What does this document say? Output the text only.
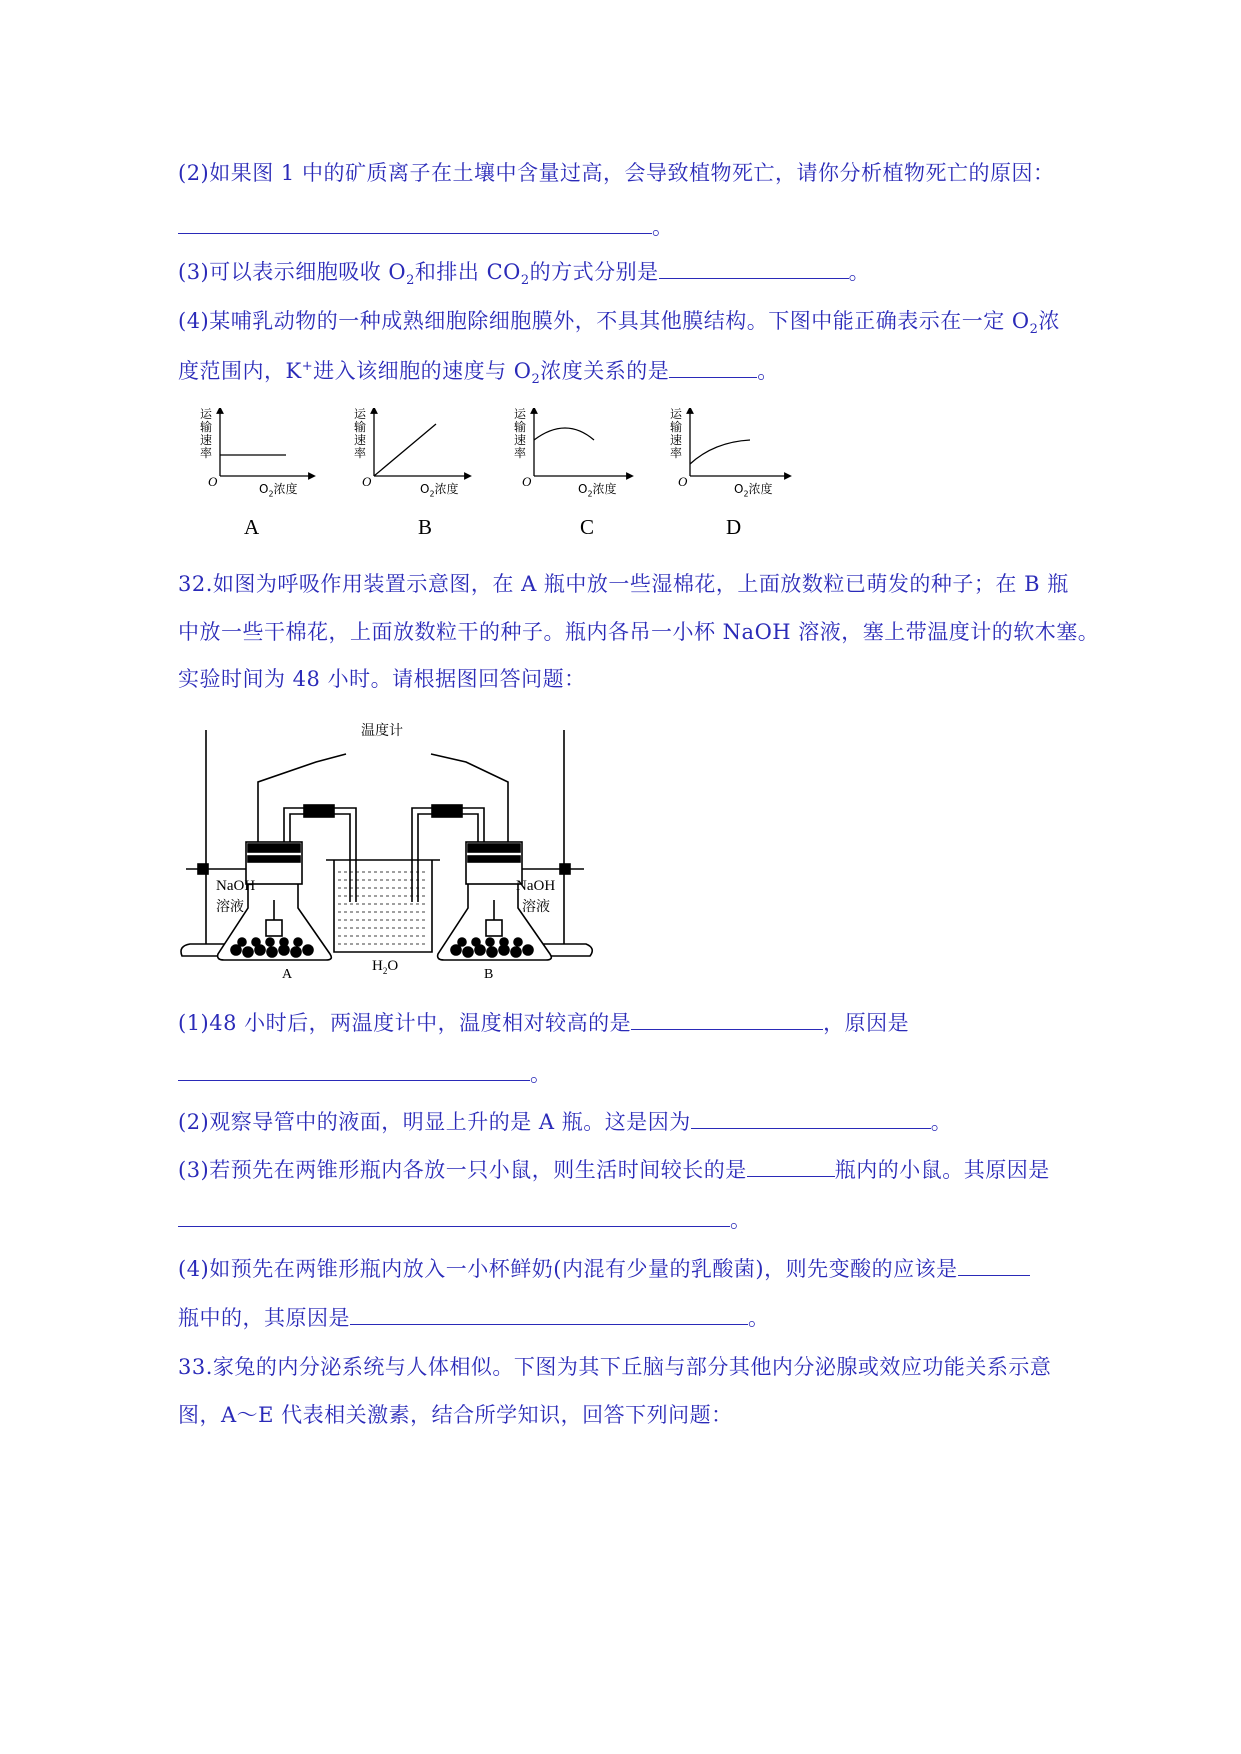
(2)如果图 1 中的矿质离子在土壤中含量过高，会导致植物死亡，请你分析植物死亡的原因：
。
(3)可以表示细胞吸收 $O_2$和排出 $CO_2$的方式分别是	。
(4)某哺乳动物的一种成熟细胞除细胞膜外，不具其他膜结构。下图中能正确表示在一定 $O_2$浓
度范围内，K+进入该细胞的速度与 $O_2$浓度关系的是	。
运输速率
O	$O_2$浓度
A
运输速率
O	$O_2$浓度
B
运输速率
O	$O_2$浓度
C
运输速率
O	$O_2$浓度
D
32.如图为呼吸作用装置示意图，在 A 瓶中放一些湿棉花，上面放数粒已萌发的种子；在 B 瓶
中放一些干棉花，上面放数粒干的种子。瓶内各吊一小杯 NaOH 溶液，塞上带温度计的软木塞。
实验时间为 48 小时。请根据图回答问题：
温度计
NaOH
溶液
NaOH
溶液
$H_2O$
A	B
(1)48 小时后，两温度计中，温度相对较高的是	，原因是
。
(2)观察导管中的液面，明显上升的是 A 瓶。这是因为	。
(3)若预先在两锥形瓶内各放一只小鼠，则生活时间较长的是	瓶内的小鼠。其原因是
。
(4)如预先在两锥形瓶内放入一小杯鲜奶(内混有少量的乳酸菌)，则先变酸的应该是
瓶中的，其原因是	。
33.家兔的内分泌系统与人体相似。下图为其下丘脑与部分其他内分泌腺或效应功能关系示意
图，A～E 代表相关激素，结合所学知识，回答下列问题：
